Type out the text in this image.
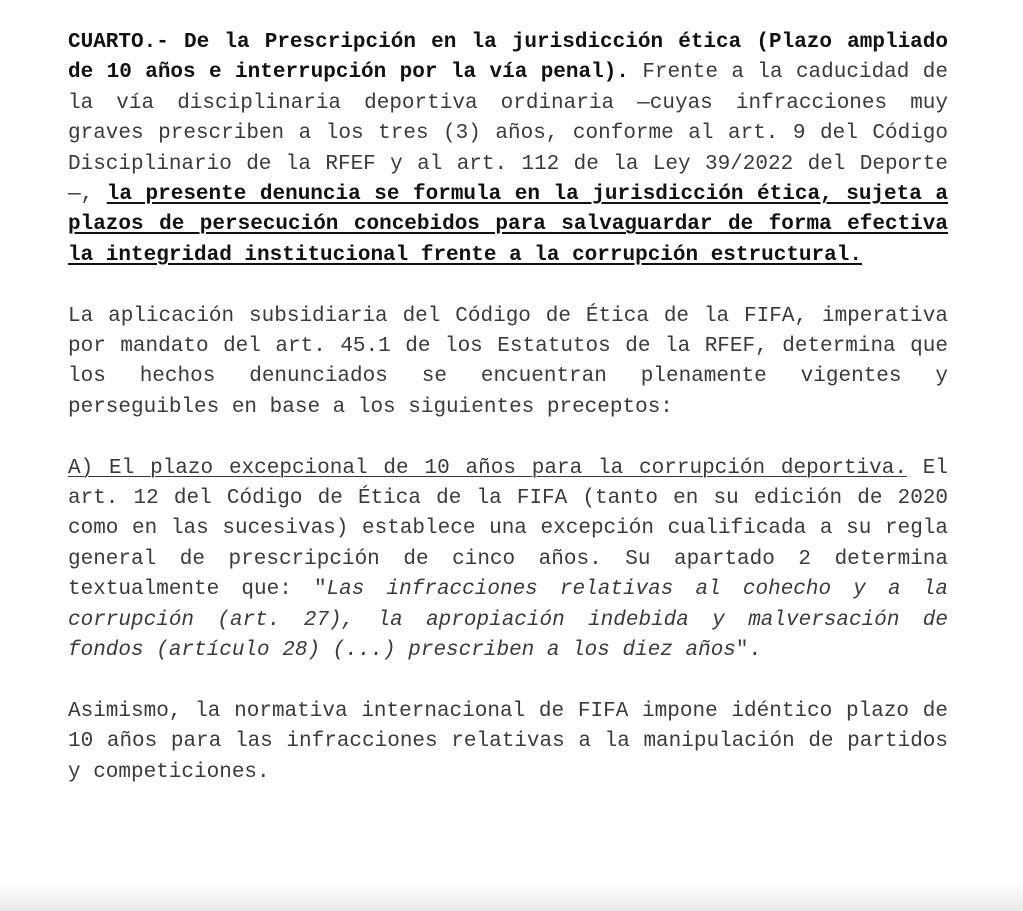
CUARTO.- De la Prescripción en la jurisdicción ética (Plazo ampliado de 10 años e interrupción por la vía penal). Frente a la caducidad de la vía disciplinaria deportiva ordinaria —cuyas infracciones muy graves prescriben a los tres (3) años, conforme al art. 9 del Código Disciplinario de la RFEF y al art. 112 de la Ley 39/2022 del Deporte—, la presente denuncia se formula en la jurisdicción ética, sujeta a plazos de persecución concebidos para salvaguardar de forma efectiva la integridad institucional frente a la corrupción estructural.

La aplicación subsidiaria del Código de Ética de la FIFA, imperativa por mandato del art. 45.1 de los Estatutos de la RFEF, determina que los hechos denunciados se encuentran plenamente vigentes y perseguibles en base a los siguientes preceptos:

A) El plazo excepcional de 10 años para la corrupción deportiva. El art. 12 del Código de Ética de la FIFA (tanto en su edición de 2020 como en las sucesivas) establece una excepción cualificada a su regla general de prescripción de cinco años. Su apartado 2 determina textualmente que: "Las infracciones relativas al cohecho y a la corrupción (art. 27), la apropiación indebida y malversación de fondos (artículo 28) (...) prescriben a los diez años".

Asimismo, la normativa internacional de FIFA impone idéntico plazo de 10 años para las infracciones relativas a la manipulación de partidos y competiciones.
